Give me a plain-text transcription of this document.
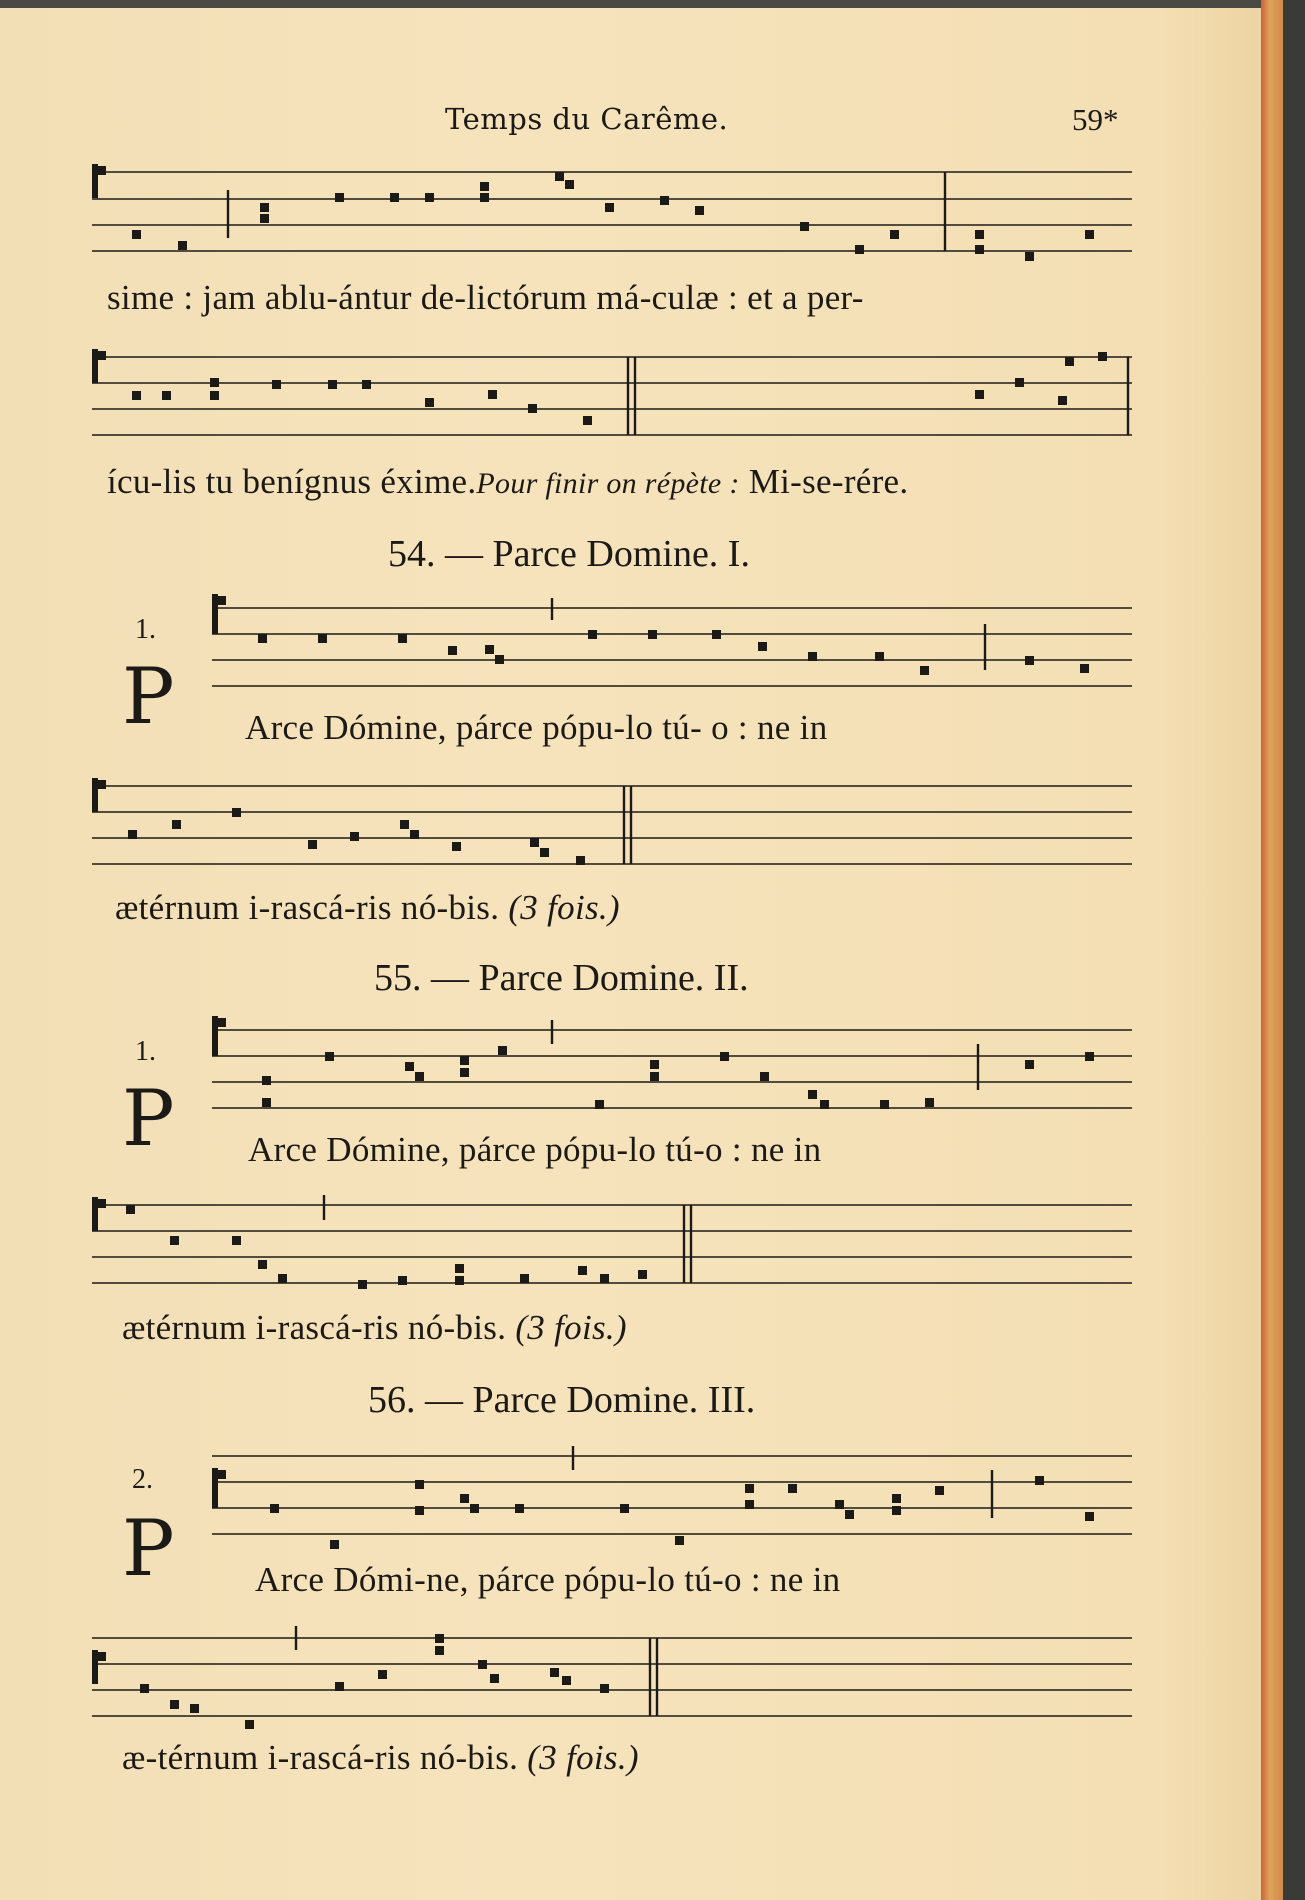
Temps du Carême.	59*
sime : jam ablu-ántur de-lictórum má-culæ : et a per-
ícu-lis tu benígnus éxime.Pour finir on répète : Mi-se-rére.
54. — Parce Domine. I.
1.
P Arce Dómine, párce pópu-lo tú- o : ne in
ætérnum i-rascá-ris nó-bis. (3 fois.)
55. — Parce Domine. II.
1.
P Arce Dómine, párce pópu-lo tú-o : ne in
ætérnum i-rascá-ris nó-bis. (3 fois.)
56. — Parce Domine. III.
2.
P Arce Dómi-ne, párce pópu-lo tú-o : ne in
æ-térnum i-rascá-ris nó-bis. (3 fois.)
